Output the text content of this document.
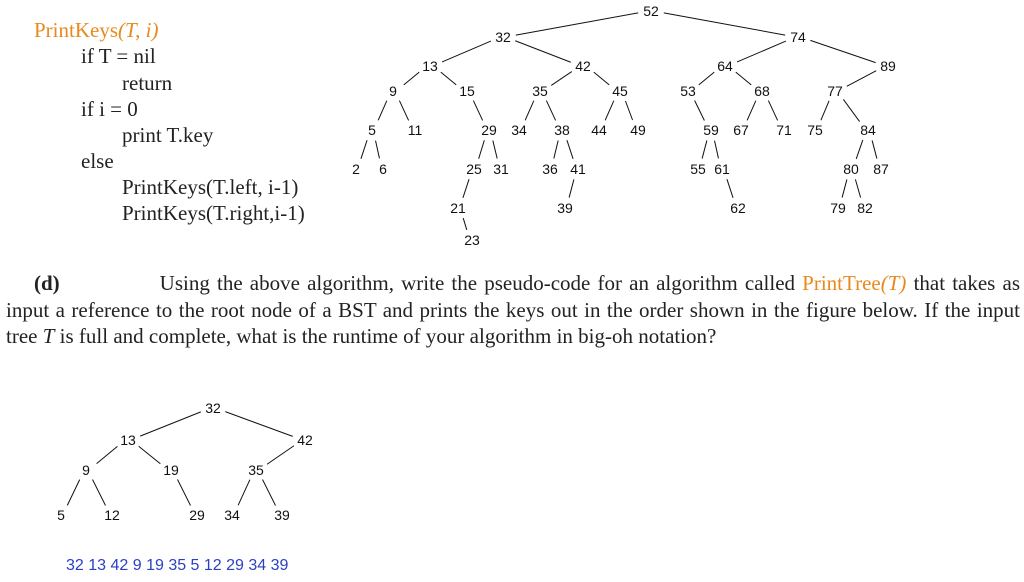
PrintKeys(T, i)
if T = nil
return
if i = 0
print T.key
else
PrintKeys(T.left, i-1)
PrintKeys(T.right,i-1)
52
32	74
13	42	64	89
9	15	35	45	53	68	77
5 11	29 34 38 44 49	59 67 71 75	84
2 6	25 31 36 41	55 61	80 87
21	39	62	79 82
23
(d)	Using the above algorithm, write the pseudo-code for an algorithm called PrintTree(T) that takes as input a reference to the root node of a BST and prints the keys out in the order shown in the figure below. If the input tree T is full and complete, what is the runtime of your algorithm in big-oh notation?
32
13	42
9	19	35
5	12	29 34 39
32 13 42 9 19 35 5 12 29 34 39
